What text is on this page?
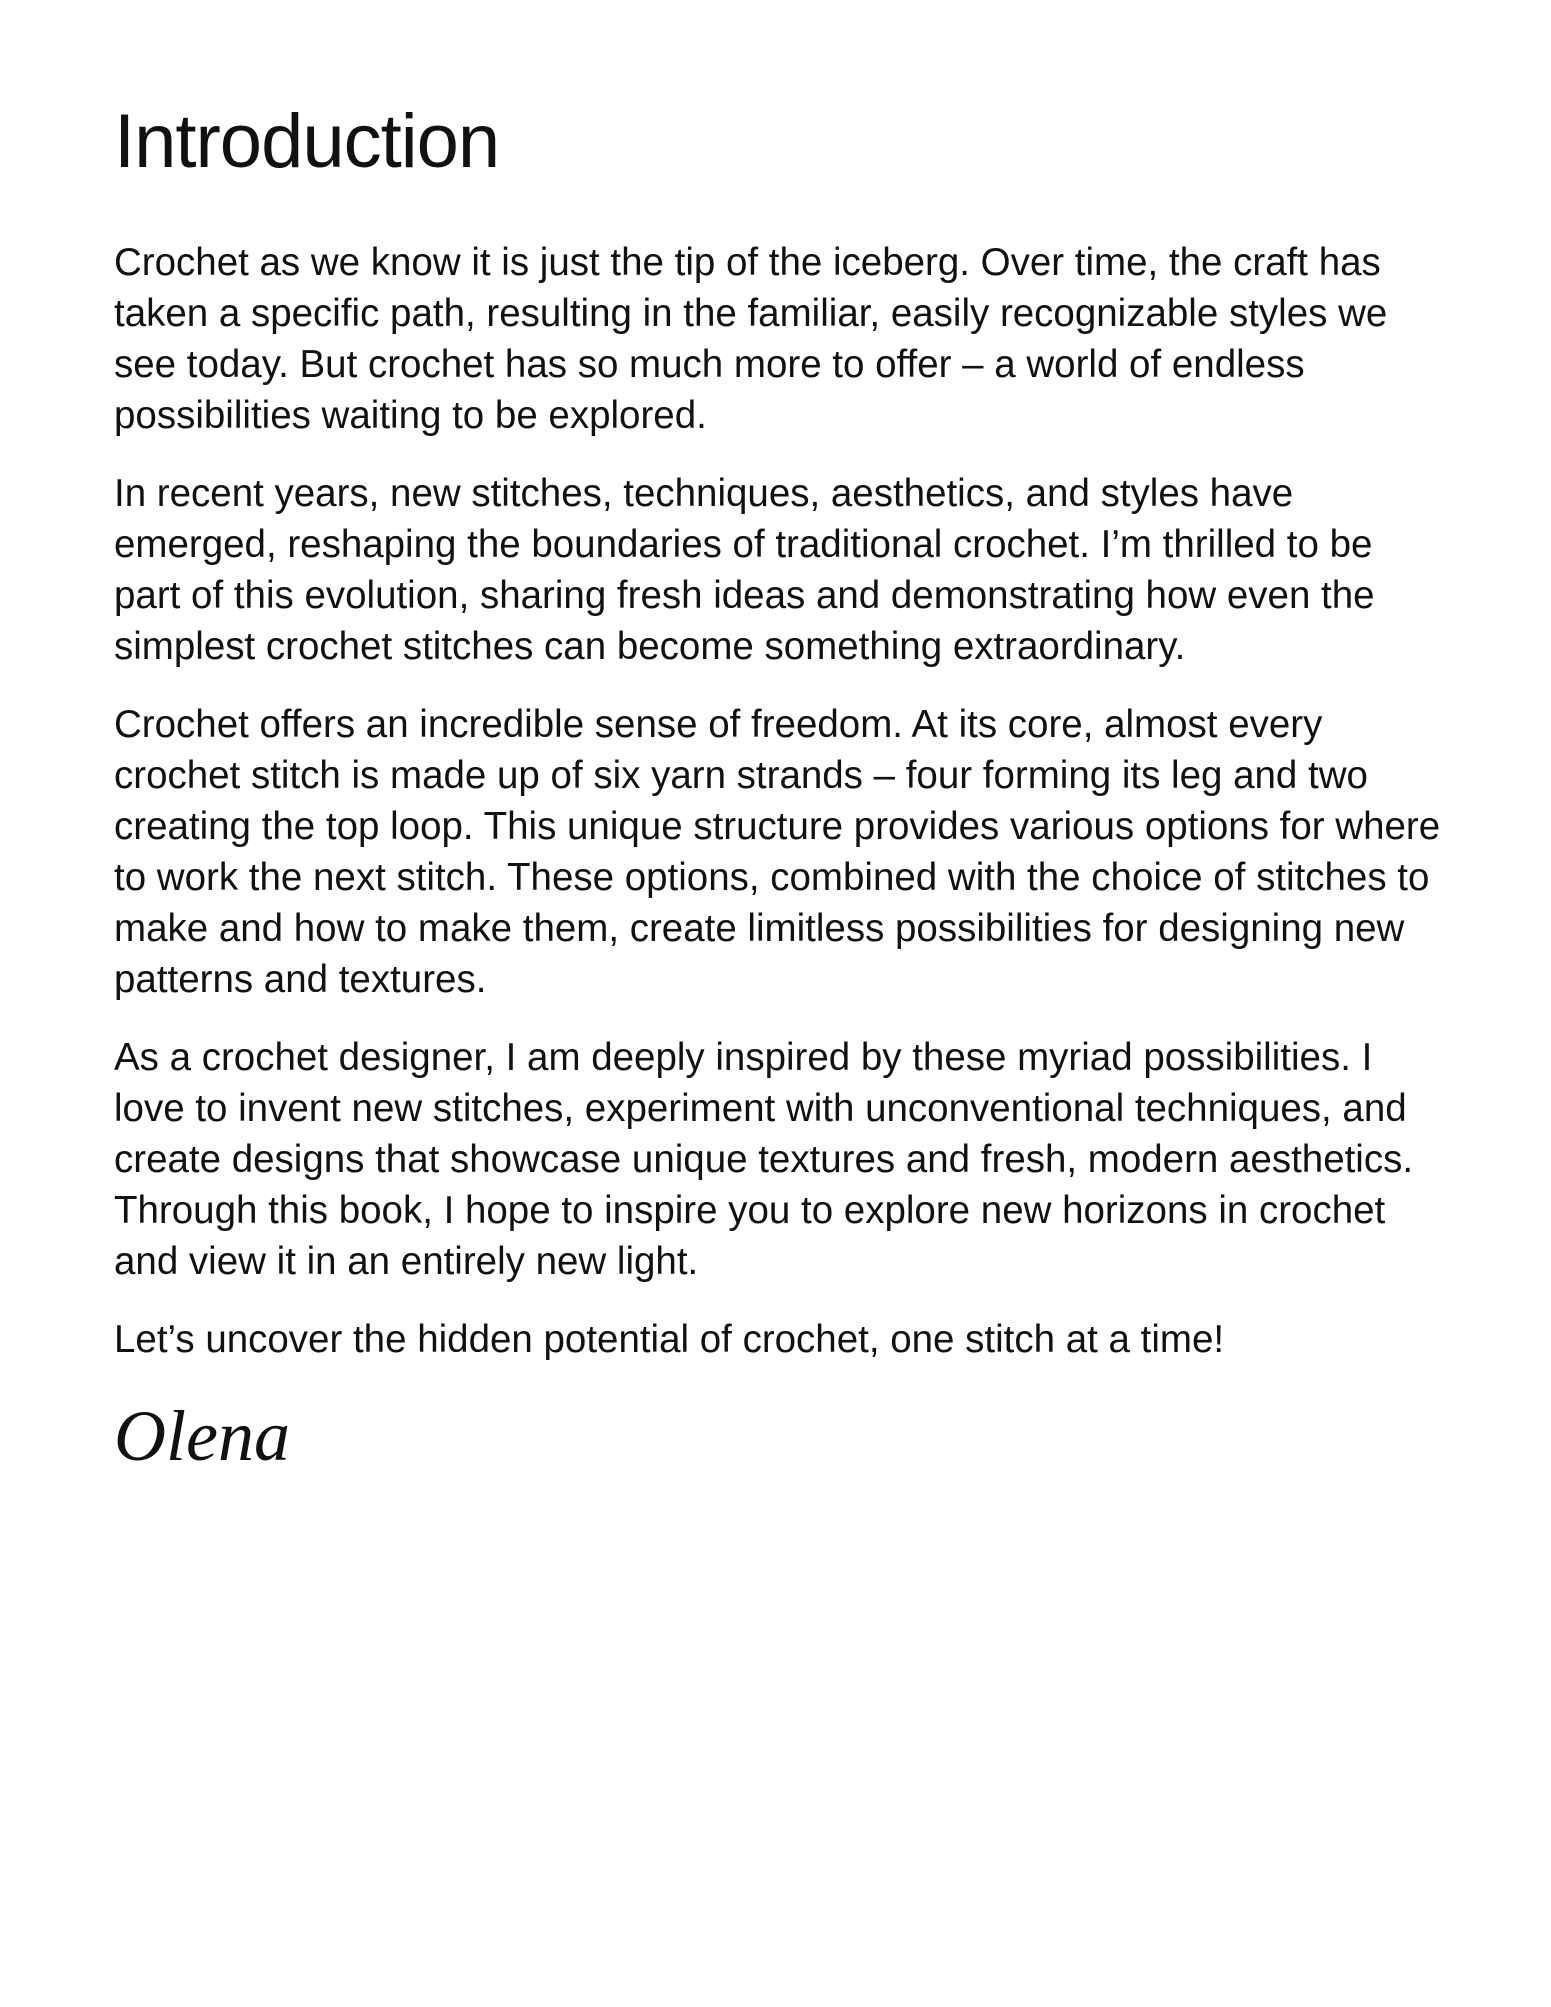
Introduction

Crochet as we know it is just the tip of the iceberg. Over time, the craft has taken a specific path, resulting in the familiar, easily recognizable styles we see today. But crochet has so much more to offer – a world of endless possibilities waiting to be explored.

In recent years, new stitches, techniques, aesthetics, and styles have emerged, reshaping the boundaries of traditional crochet. I’m thrilled to be part of this evolution, sharing fresh ideas and demonstrating how even the simplest crochet stitches can become something extraordinary.

Crochet offers an incredible sense of freedom. At its core, almost every crochet stitch is made up of six yarn strands – four forming its leg and two creating the top loop. This unique structure provides various options for where to work the next stitch. These options, combined with the choice of stitches to make and how to make them, create limitless possibilities for designing new patterns and textures.

As a crochet designer, I am deeply inspired by these myriad possibilities. I love to invent new stitches, experiment with unconventional techniques, and create designs that showcase unique textures and fresh, modern aesthetics. Through this book, I hope to inspire you to explore new horizons in crochet and view it in an entirely new light.

Let’s uncover the hidden potential of crochet, one stitch at a time!

Olena
